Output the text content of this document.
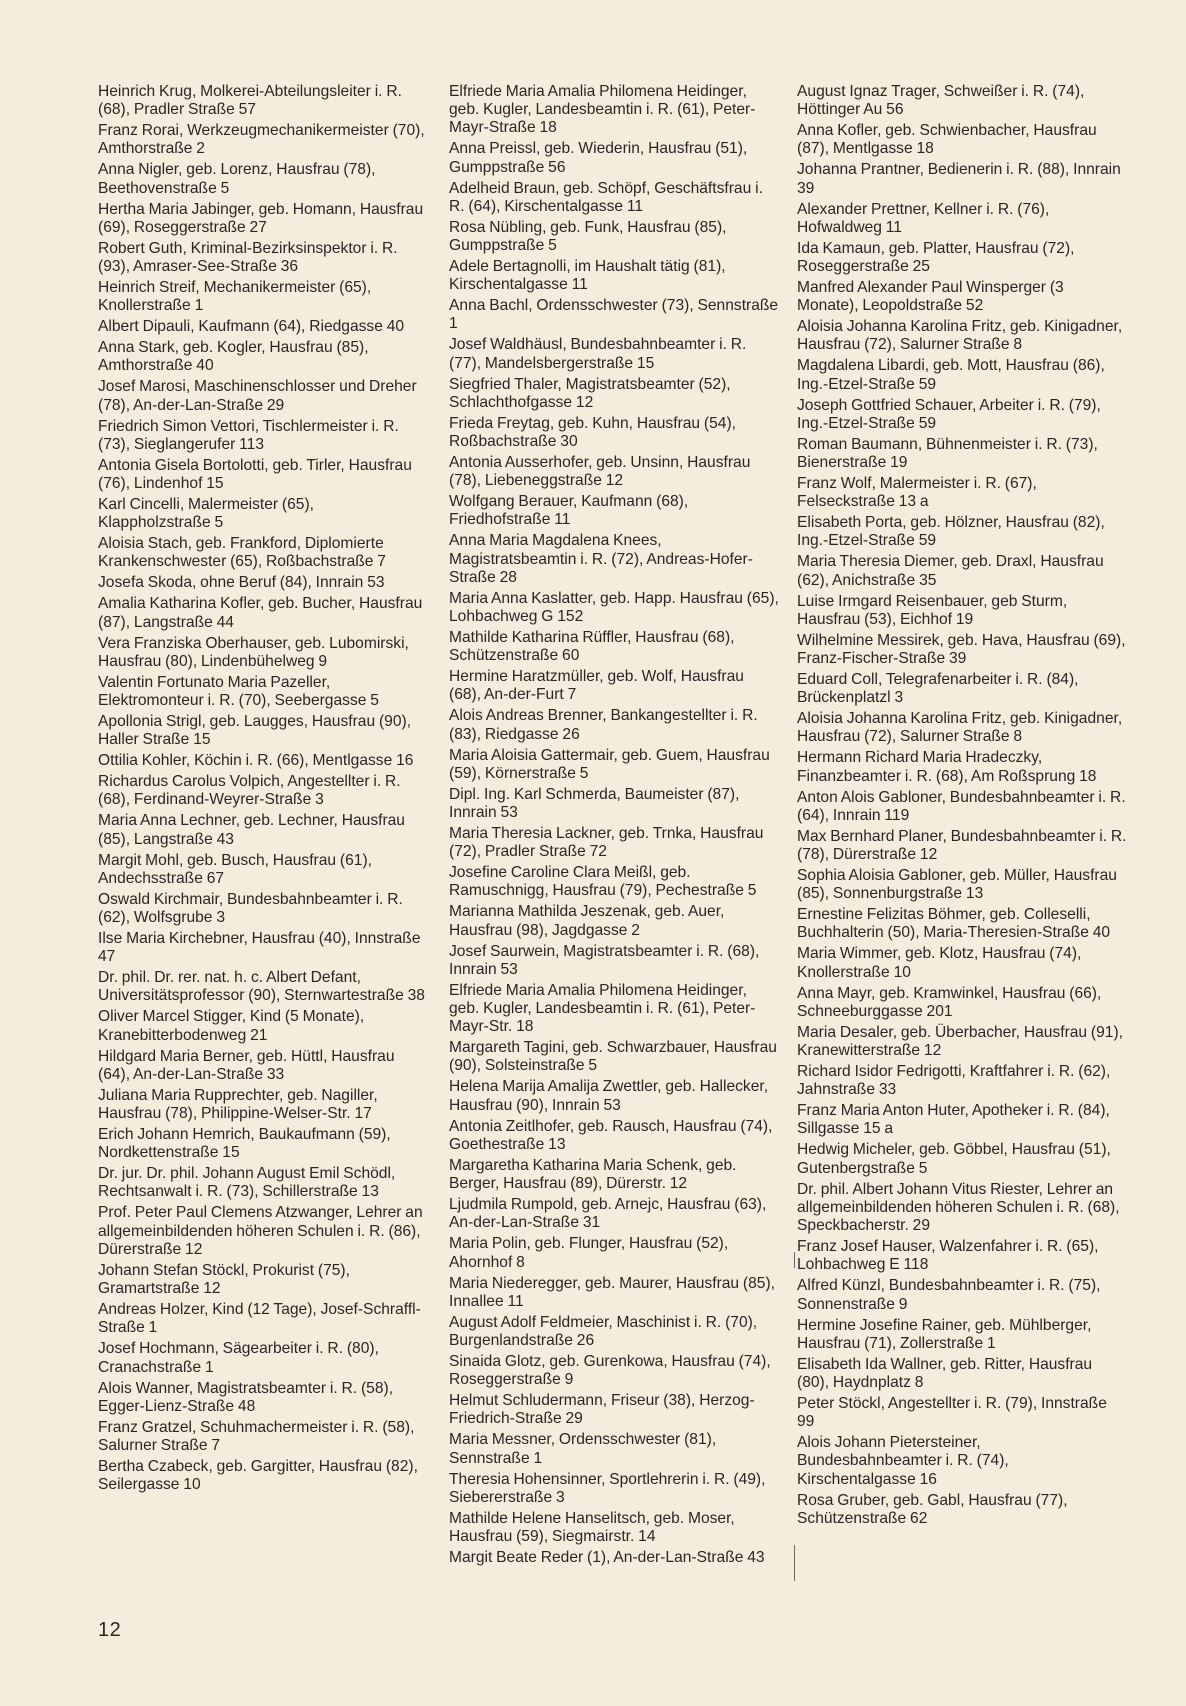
Heinrich Krug, Molkerei-Abteilungsleiter i. R. (68), Pradler Straße 57

Franz Rorai, Werkzeugmechanikermeister (70), Amthorstraße 2

Anna Nigler, geb. Lorenz, Hausfrau (78), Beethovenstraße 5

Hertha Maria Jabinger, geb. Homann, Hausfrau (69), Roseggerstraße 27

Robert Guth, Kriminal-Bezirksinspektor i. R. (93), Amraser-See-Straße 36

Heinrich Streif, Mechanikermeister (65), Knollerstraße 1

Albert Dipauli, Kaufmann (64), Riedgasse 40

Anna Stark, geb. Kogler, Hausfrau (85), Amthorstraße 40

Josef Marosi, Maschinenschlosser und Dreher (78), An-der-Lan-Straße 29

Friedrich Simon Vettori, Tischlermeister i. R. (73), Sieglangerufer 113

Antonia Gisela Bortolotti, geb. Tirler, Hausfrau (76), Lindenhof 15

Karl Cincelli, Malermeister (65), Klappholzstraße 5

Aloisia Stach, geb. Frankford, Diplomierte Krankenschwester (65), Roßbachstraße 7

Josefa Skoda, ohne Beruf (84), Innrain 53

Amalia Katharina Kofler, geb. Bucher, Hausfrau (87), Langstraße 44

Vera Franziska Oberhauser, geb. Lubomirski, Hausfrau (80), Lindenbühelweg 9

Valentin Fortunato Maria Pazeller, Elektromonteur i. R. (70), Seebergasse 5

Apollonia Strigl, geb. Laugges, Hausfrau (90), Haller Straße 15

Ottilia Kohler, Köchin i. R. (66), Mentlgasse 16

Richardus Carolus Volpich, Angestellter i. R. (68), Ferdinand-Weyrer-Straße 3

Maria Anna Lechner, geb. Lechner, Hausfrau (85), Langstraße 43

Margit Mohl, geb. Busch, Hausfrau (61), Andechsstraße 67

Oswald Kirchmair, Bundesbahnbeamter i. R. (62), Wolfsgrube 3

Ilse Maria Kirchebner, Hausfrau (40), Innstraße 47

Dr. phil. Dr. rer. nat. h. c. Albert Defant, Universitätsprofessor (90), Sternwartestraße 38

Oliver Marcel Stigger, Kind (5 Monate), Kranebitterbodenweg 21

Hildgard Maria Berner, geb. Hüttl, Hausfrau (64), An-der-Lan-Straße 33

Juliana Maria Rupprechter, geb. Nagiller, Hausfrau (78), Philippine-Welser-Str. 17

Erich Johann Hemrich, Baukaufmann (59), Nordkettenstraße 15

Dr. jur. Dr. phil. Johann August Emil Schödl, Rechtsanwalt i. R. (73), Schillerstraße 13

Prof. Peter Paul Clemens Atzwanger, Lehrer an allgemeinbildenden höheren Schulen i. R. (86), Dürerstraße 12

Johann Stefan Stöckl, Prokurist (75), Gramartstraße 12

Andreas Holzer, Kind (12 Tage), Josef-Schraffl-Straße 1

Josef Hochmann, Sägearbeiter i. R. (80), Cranachstraße 1

Alois Wanner, Magistratsbeamter i. R. (58), Egger-Lienz-Straße 48

Franz Gratzel, Schuhmachermeister i. R. (58), Salurner Straße 7

Bertha Czabeck, geb. Gargitter, Hausfrau (82), Seilergasse 10

Elfriede Maria Amalia Philomena Heidinger, geb. Kugler, Landesbeamtin i. R. (61), Peter-Mayr-Straße 18

Anna Preissl, geb. Wiederin, Hausfrau (51), Gumppstraße 56

Adelheid Braun, geb. Schöpf, Geschäftsfrau i. R. (64), Kirschentalgasse 11

Rosa Nübling, geb. Funk, Hausfrau (85), Gumppstraße 5

Adele Bertagnolli, im Haushalt tätig (81), Kirschentalgasse 11

Anna Bachl, Ordensschwester (73), Sennstraße 1

Josef Waldhäusl, Bundesbahnbeamter i. R. (77), Mandelsbergerstraße 15

Siegfried Thaler, Magistratsbeamter (52), Schlachthofgasse 12

Frieda Freytag, geb. Kuhn, Hausfrau (54), Roßbachstraße 30

Antonia Ausserhofer, geb. Unsinn, Hausfrau (78), Liebeneggstraße 12

Wolfgang Berauer, Kaufmann (68), Friedhofstraße 11

Anna Maria Magdalena Knees, Magistratsbeamtin i. R. (72), Andreas-Hofer-Straße 28

Maria Anna Kaslatter, geb. Happ. Hausfrau (65), Lohbachweg G 152

Mathilde Katharina Rüffler, Hausfrau (68), Schützenstraße 60

Hermine Haratzmüller, geb. Wolf, Hausfrau (68), An-der-Furt 7

Alois Andreas Brenner, Bankangestellter i. R. (83), Riedgasse 26

Maria Aloisia Gattermair, geb. Guem, Hausfrau (59), Körnerstraße 5

Dipl. Ing. Karl Schmerda, Baumeister (87), Innrain 53

Maria Theresia Lackner, geb. Trnka, Hausfrau (72), Pradler Straße 72

Josefine Caroline Clara Meißl, geb. Ramuschnigg, Hausfrau (79), Pechestraße 5

Marianna Mathilda Jeszenak, geb. Auer, Hausfrau (98), Jagdgasse 2

Josef Saurwein, Magistratsbeamter i. R. (68), Innrain 53

Elfriede Maria Amalia Philomena Heidinger, geb. Kugler, Landesbeamtin i. R. (61), Peter-Mayr-Str. 18

Margareth Tagini, geb. Schwarzbauer, Hausfrau (90), Solsteinstraße 5

Helena Marija Amalija Zwettler, geb. Hallecker, Hausfrau (90), Innrain 53

Antonia Zeitlhofer, geb. Rausch, Hausfrau (74), Goethestraße 13

Margaretha Katharina Maria Schenk, geb. Berger, Hausfrau (89), Dürerstr. 12

Ljudmila Rumpold, geb. Arnejc, Hausfrau (63), An-der-Lan-Straße 31

Maria Polin, geb. Flunger, Hausfrau (52), Ahornhof 8

Maria Niederegger, geb. Maurer, Hausfrau (85), Innallee 11

August Adolf Feldmeier, Maschinist i. R. (70), Burgenlandstraße 26

Sinaida Glotz, geb. Gurenkowa, Hausfrau (74), Roseggerstraße 9

Helmut Schludermann, Friseur (38), Herzog-Friedrich-Straße 29

Maria Messner, Ordensschwester (81), Sennstraße 1

Theresia Hohensinner, Sportlehrerin i. R. (49), Siebererstraße 3

Mathilde Helene Hanselitsch, geb. Moser, Hausfrau (59), Siegmairstr. 14

Margit Beate Reder (1), An-der-Lan-Straße 43

August Ignaz Trager, Schweißer i. R. (74), Höttinger Au 56

Anna Kofler, geb. Schwienbacher, Hausfrau (87), Mentlgasse 18

Johanna Prantner, Bedienerin i. R. (88), Innrain 39

Alexander Prettner, Kellner i. R. (76), Hofwaldweg 11

Ida Kamaun, geb. Platter, Hausfrau (72), Roseggerstraße 25

Manfred Alexander Paul Winsperger (3 Monate), Leopoldstraße 52

Aloisia Johanna Karolina Fritz, geb. Kinigadner, Hausfrau (72), Salurner Straße 8

Magdalena Libardi, geb. Mott, Hausfrau (86), Ing.-Etzel-Straße 59

Joseph Gottfried Schauer, Arbeiter i. R. (79), Ing.-Etzel-Straße 59

Roman Baumann, Bühnenmeister i. R. (73), Bienerstraße 19

Franz Wolf, Malermeister i. R. (67), Felseckstraße 13 a

Elisabeth Porta, geb. Hölzner, Hausfrau (82), Ing.-Etzel-Straße 59

Maria Theresia Diemer, geb. Draxl, Hausfrau (62), Anichstraße 35

Luise Irmgard Reisenbauer, geb Sturm, Hausfrau (53), Eichhof 19

Wilhelmine Messirek, geb. Hava, Hausfrau (69), Franz-Fischer-Straße 39

Eduard Coll, Telegrafenarbeiter i. R. (84), Brückenplatzl 3

Aloisia Johanna Karolina Fritz, geb. Kinigadner, Hausfrau (72), Salurner Straße 8

Hermann Richard Maria Hradeczky, Finanzbeamter i. R. (68), Am Roßsprung 18

Anton Alois Gabloner, Bundesbahnbeamter i. R. (64), Innrain 119

Max Bernhard Planer, Bundesbahnbeamter i. R. (78), Dürerstraße 12

Sophia Aloisia Gabloner, geb. Müller, Hausfrau (85), Sonnenburgstraße 13

Ernestine Felizitas Böhmer, geb. Colleselli, Buchhalterin (50), Maria-Theresien-Straße 40

Maria Wimmer, geb. Klotz, Hausfrau (74), Knollerstraße 10

Anna Mayr, geb. Kramwinkel, Hausfrau (66), Schneeburggasse 201

Maria Desaler, geb. Überbacher, Hausfrau (91), Kranewitterstraße 12

Richard Isidor Fedrigotti, Kraftfahrer i. R. (62), Jahnstraße 33

Franz Maria Anton Huter, Apotheker i. R. (84), Sillgasse 15 a

Hedwig Micheler, geb. Göbbel, Hausfrau (51), Gutenbergstraße 5

Dr. phil. Albert Johann Vitus Riester, Lehrer an allgemeinbildenden höheren Schulen i. R. (68), Speckbacherstr. 29

Franz Josef Hauser, Walzenfahrer i. R. (65), Lohbachweg E 118

Alfred Künzl, Bundesbahnbeamter i. R. (75), Sonnenstraße 9

Hermine Josefine Rainer, geb. Mühlberger, Hausfrau (71), Zollerstraße 1

Elisabeth Ida Wallner, geb. Ritter, Hausfrau (80), Haydnplatz 8

Peter Stöckl, Angestellter i. R. (79), Innstraße 99

Alois Johann Pietersteiner, Bundesbahnbeamter i. R. (74), Kirschentalgasse 16

Rosa Gruber, geb. Gabl, Hausfrau (77), Schützenstraße 62

12
